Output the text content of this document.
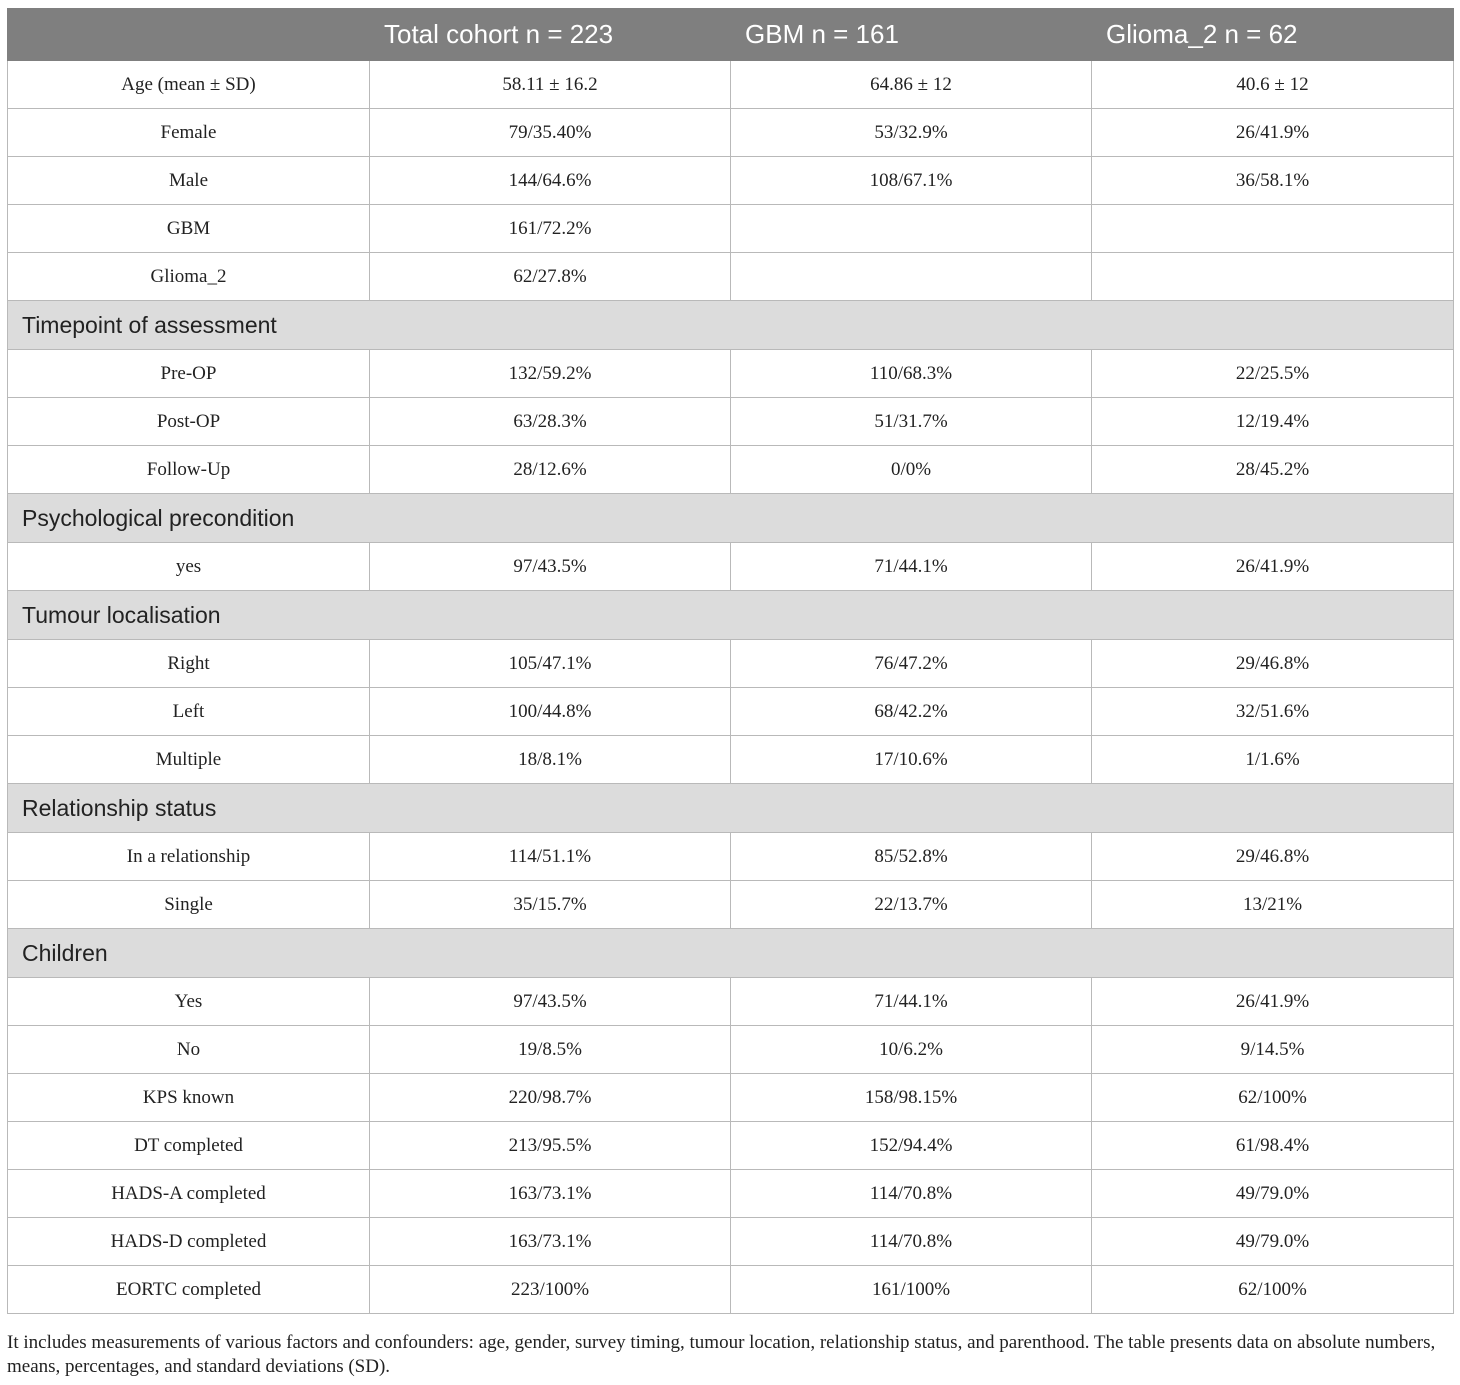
	Total cohort n = 223	GBM n = 161	Glioma_2 n = 62
Age (mean ± SD)	58.11 ± 16.2	64.86 ± 12	40.6 ± 12
Female	79/35.40%	53/32.9%	26/41.9%
Male	144/64.6%	108/67.1%	36/58.1%
GBM	161/72.2%		
Glioma_2	62/27.8%		
Timepoint of assessment			
Pre-OP	132/59.2%	110/68.3%	22/25.5%
Post-OP	63/28.3%	51/31.7%	12/19.4%
Follow-Up	28/12.6%	0/0%	28/45.2%
Psychological precondition			
yes	97/43.5%	71/44.1%	26/41.9%
Tumour localisation			
Right	105/47.1%	76/47.2%	29/46.8%
Left	100/44.8%	68/42.2%	32/51.6%
Multiple	18/8.1%	17/10.6%	1/1.6%
Relationship status			
In a relationship	114/51.1%	85/52.8%	29/46.8%
Single	35/15.7%	22/13.7%	13/21%
Children			
Yes	97/43.5%	71/44.1%	26/41.9%
No	19/8.5%	10/6.2%	9/14.5%
KPS known	220/98.7%	158/98.15%	62/100%
DT completed	213/95.5%	152/94.4%	61/98.4%
HADS-A completed	163/73.1%	114/70.8%	49/79.0%
HADS-D completed	163/73.1%	114/70.8%	49/79.0%
EORTC completed	223/100%	161/100%	62/100%
It includes measurements of various factors and confounders: age, gender, survey timing, tumour location, relationship status, and parenthood. The table presents data on absolute numbers, means, percentages, and standard deviations (SD).
